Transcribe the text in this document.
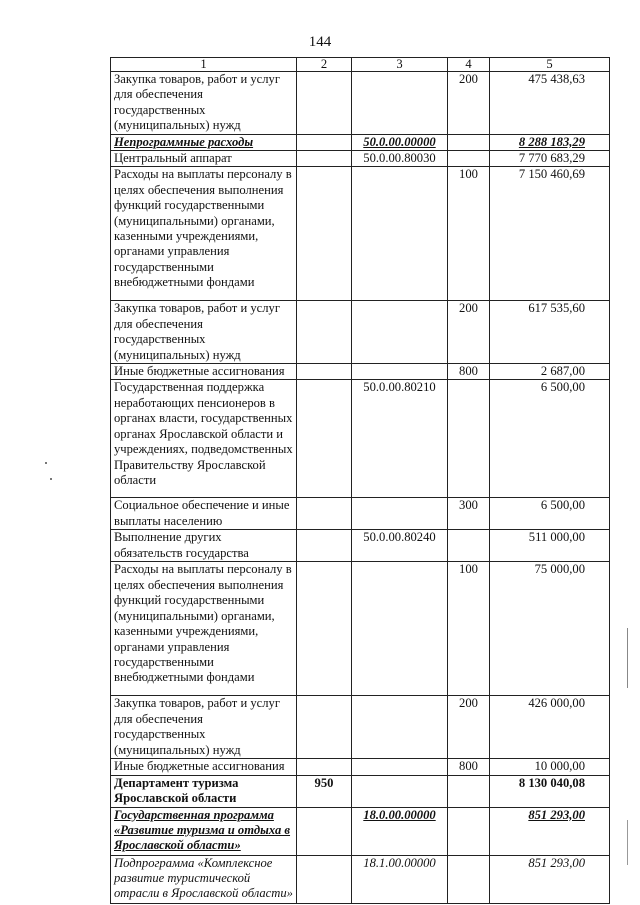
144
1	2	3	4	5
Закупка товаров, работ и услуг для обеспечения государственных (муниципальных) нужд			200	475 438,63
Непрограммные расходы		50.0.00.00000		8 288 183,29
Центральный аппарат		50.0.00.80030		7 770 683,29
Расходы на выплаты персоналу в целях обеспечения выполнения функций государственными (муниципальными) органами, казенными учреждениями, органами управления государственными внебюджетными фондами			100	7 150 460,69
Закупка товаров, работ и услуг для обеспечения государственных (муниципальных) нужд			200	617 535,60
Иные бюджетные ассигнования			800	2 687,00
Государственная поддержка неработающих пенсионеров в органах власти, государственных органах Ярославской области и учреждениях, подведомственных Правительству Ярославской области		50.0.00.80210		6 500,00
Социальное обеспечение и иные выплаты населению			300	6 500,00
Выполнение других обязательств государства		50.0.00.80240		511 000,00
Расходы на выплаты персоналу в целях обеспечения выполнения функций государственными (муниципальными) органами, казенными учреждениями, органами управления государственными внебюджетными фондами			100	75 000,00
Закупка товаров, работ и услуг для обеспечения государственных (муниципальных) нужд			200	426 000,00
Иные бюджетные ассигнования			800	10 000,00
Департамент туризма Ярославской области	950			8 130 040,08
Государственная программа «Развитие туризма и отдыха в Ярославской области»		18.0.00.00000		851 293,00
Подпрограмма «Комплексное развитие туристической отрасли в Ярославской области»		18.1.00.00000		851 293,00
